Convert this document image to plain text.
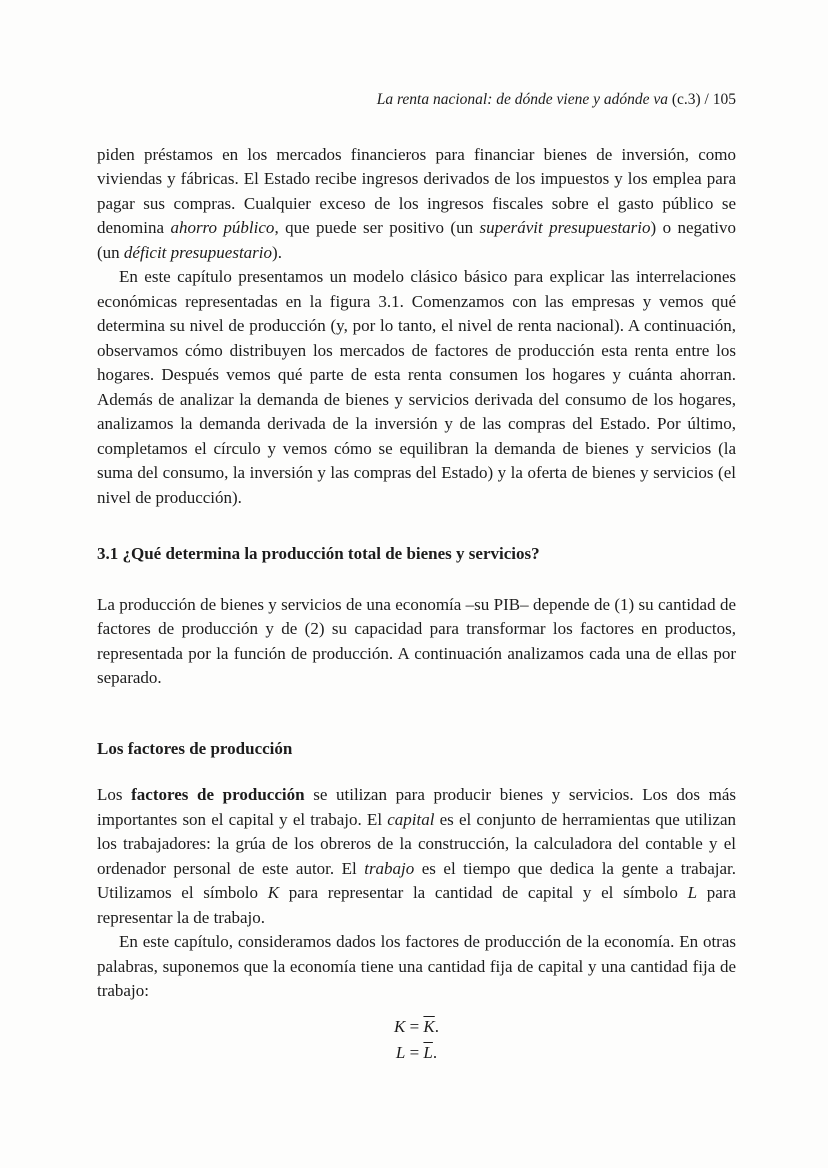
La renta nacional: de dónde viene y adónde va (c.3) / 105

piden préstamos en los mercados financieros para financiar bienes de inversión, como viviendas y fábricas. El Estado recibe ingresos derivados de los impuestos y los emplea para pagar sus compras. Cualquier exceso de los ingresos fiscales sobre el gasto público se denomina ahorro público, que puede ser positivo (un superávit presupuestario) o negativo (un déficit presupuestario).

En este capítulo presentamos un modelo clásico básico para explicar las interrelaciones económicas representadas en la figura 3.1. Comenzamos con las empresas y vemos qué determina su nivel de producción (y, por lo tanto, el nivel de renta nacional). A continuación, observamos cómo distribuyen los mercados de factores de producción esta renta entre los hogares. Después vemos qué parte de esta renta consumen los hogares y cuánta ahorran. Además de analizar la demanda de bienes y servicios derivada del consumo de los hogares, analizamos la demanda derivada de la inversión y de las compras del Estado. Por último, completamos el círculo y vemos cómo se equilibran la demanda de bienes y servicios (la suma del consumo, la inversión y las compras del Estado) y la oferta de bienes y servicios (el nivel de producción).

3.1 ¿Qué determina la producción total de bienes y servicios?

La producción de bienes y servicios de una economía –su PIB– depende de (1) su cantidad de factores de producción y de (2) su capacidad para transformar los factores en productos, representada por la función de producción. A continuación analizamos cada una de ellas por separado.

Los factores de producción

Los factores de producción se utilizan para producir bienes y servicios. Los dos más importantes son el capital y el trabajo. El capital es el conjunto de herramientas que utilizan los trabajadores: la grúa de los obreros de la construcción, la calculadora del contable y el ordenador personal de este autor. El trabajo es el tiempo que dedica la gente a trabajar. Utilizamos el símbolo K para representar la cantidad de capital y el símbolo L para representar la de trabajo.

En este capítulo, consideramos dados los factores de producción de la economía. En otras palabras, suponemos que la economía tiene una cantidad fija de capital y una cantidad fija de trabajo:

$K = \overline{K}$.
$L = \overline{L}$.
